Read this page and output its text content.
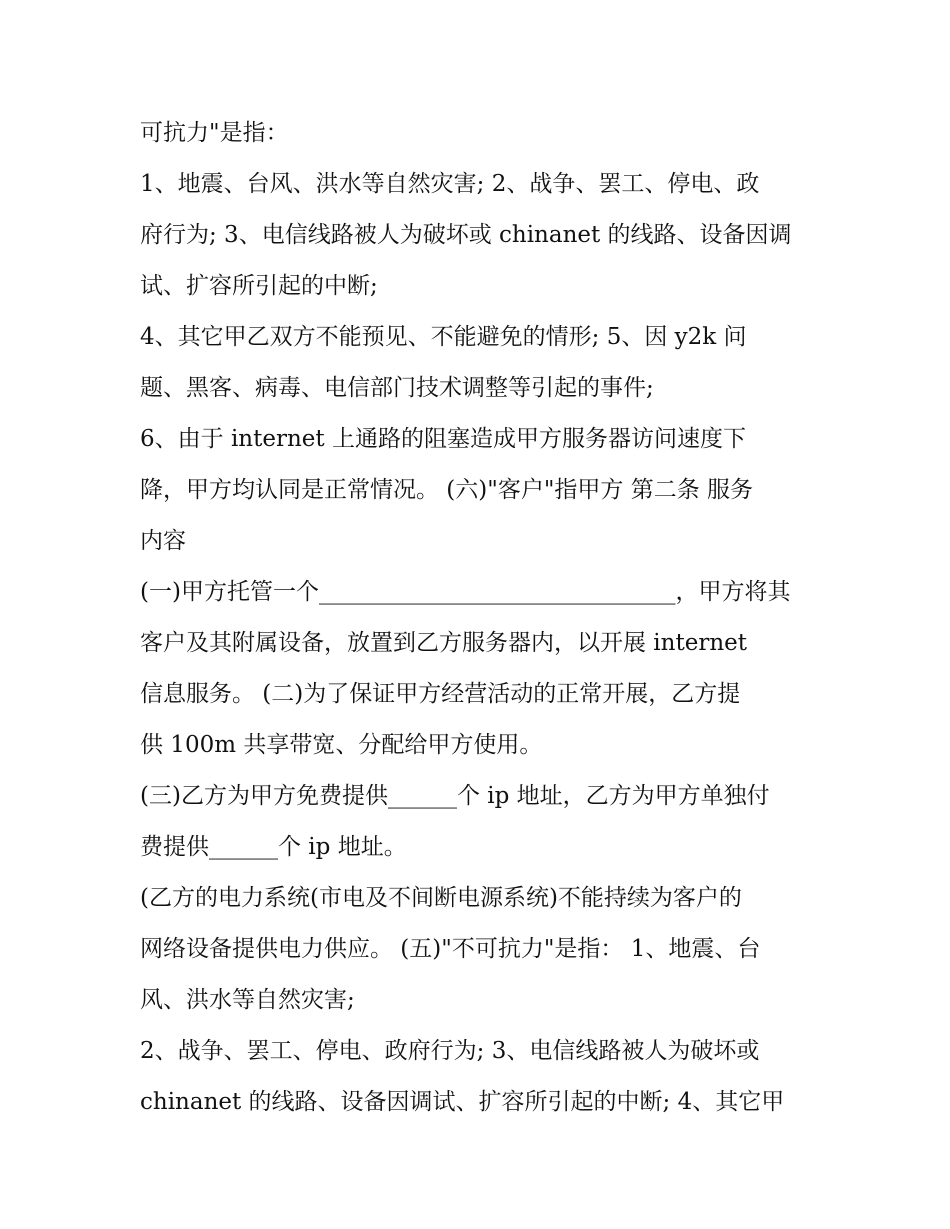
可抗力"是指：

1、地震、台风、洪水等自然灾害; 2、战争、罢工、停电、政
府行为; 3、电信线路被人为破坏或 chinanet 的线路、设备因调
试、扩容所引起的中断;

4、其它甲乙双方不能预见、不能避免的情形; 5、因 y2k 问
题、黑客、病毒、电信部门技术调整等引起的事件;

6、由于 internet 上通路的阻塞造成甲方服务器访问速度下
降，甲方均认同是正常情况。 (六)"客户"指甲方 第二条 服务
内容

(一)甲方托管一个_______________________________，甲方将其
客户及其附属设备，放置到乙方服务器内，以开展 internet
信息服务。 (二)为了保证甲方经营活动的正常开展，乙方提
供 100m 共享带宽、分配给甲方使用。

(三)乙方为甲方免费提供______个 ip 地址，乙方为甲方单独付
费提供______个 ip 地址。

(乙方的电力系统(市电及不间断电源系统)不能持续为客户的
网络设备提供电力供应。 (五)"不可抗力"是指： 1、地震、台
风、洪水等自然灾害;

2、战争、罢工、停电、政府行为; 3、电信线路被人为破坏或
chinanet 的线路、设备因调试、扩容所引起的中断; 4、其它甲
